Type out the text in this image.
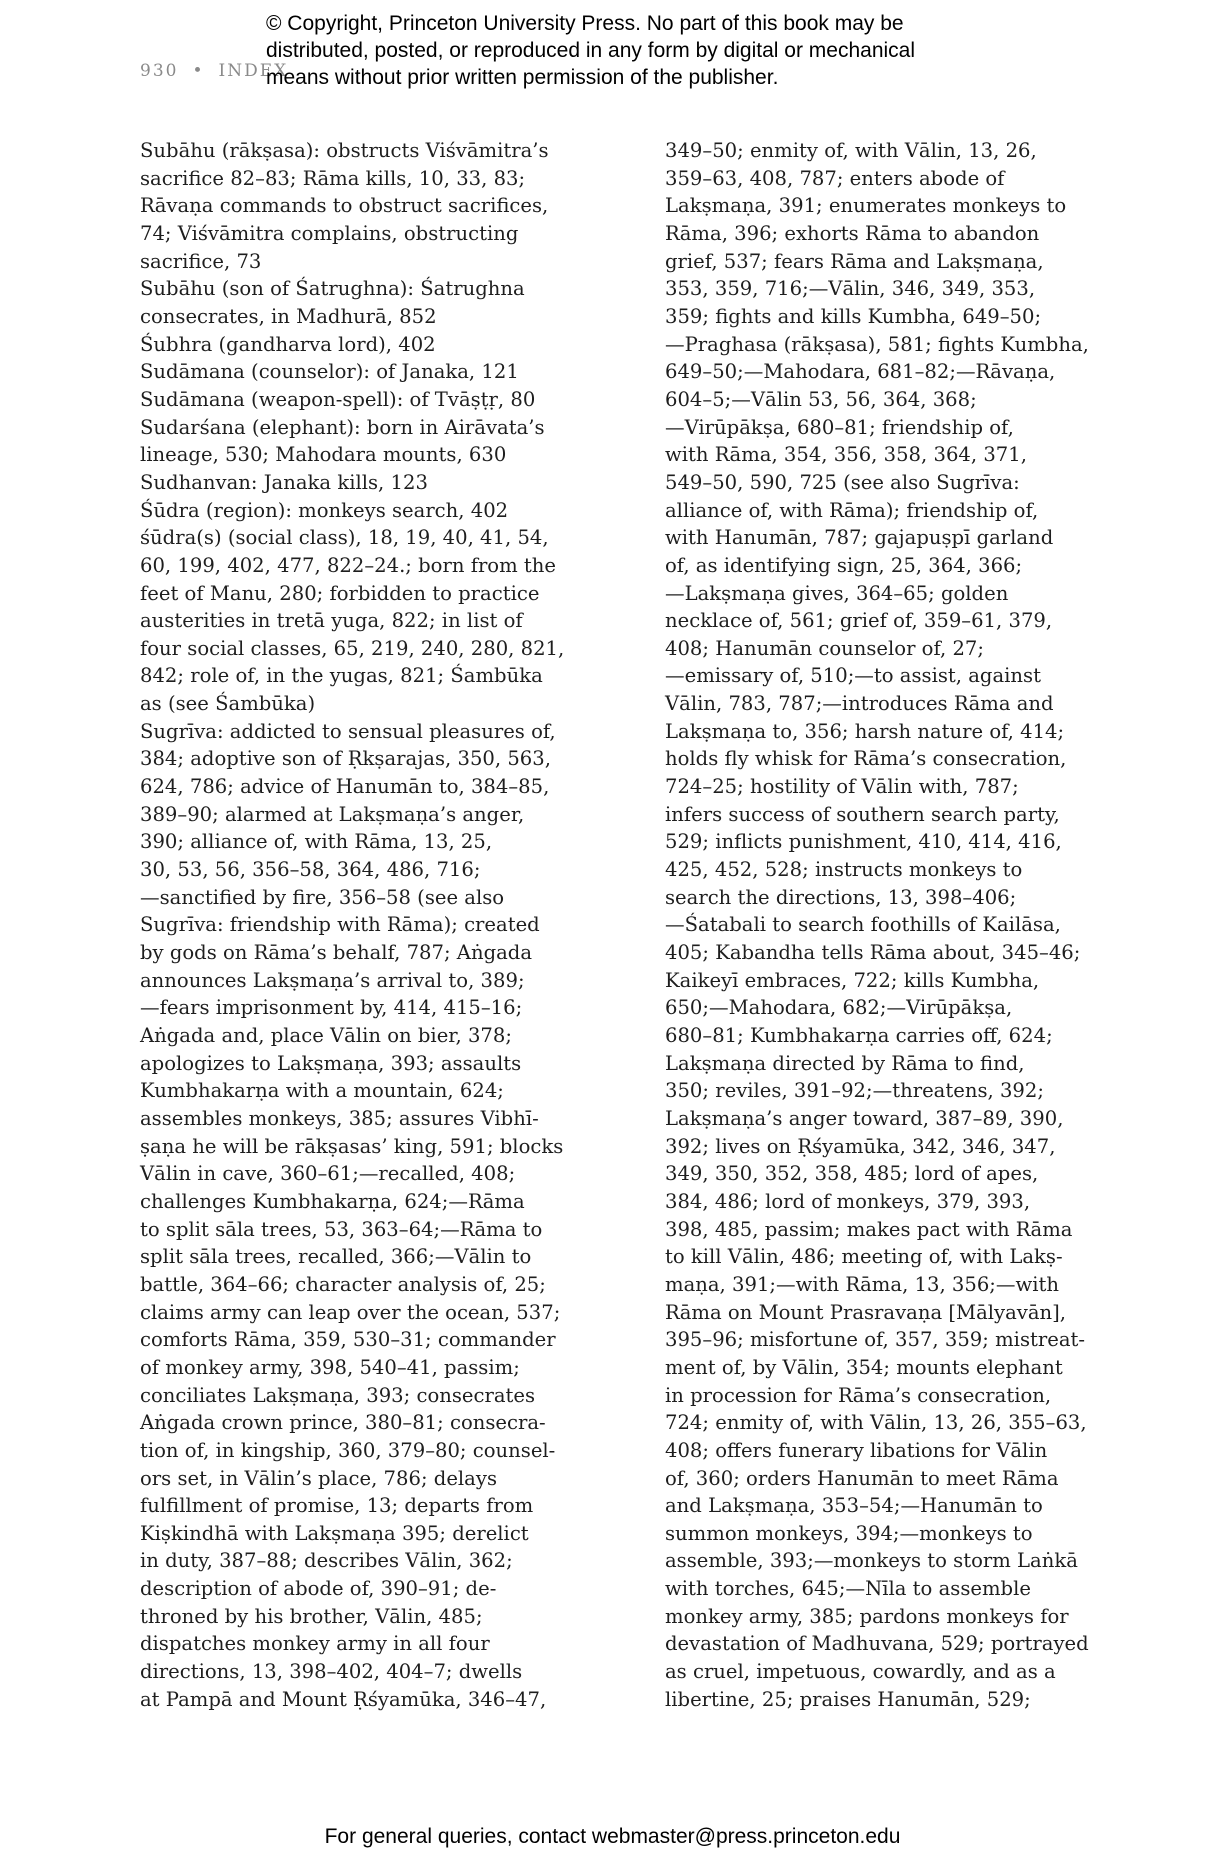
© Copyright, Princeton University Press. No part of this book may be
distributed, posted, or reproduced in any form by digital or mechanical
means without prior written permission of the publisher.
930 • INDEX
Subāhu (rākṣasa): obstructs Viśvāmitra’s
sacrifice 82–83; Rāma kills, 10, 33, 83;
Rāvaṇa commands to obstruct sacrifices,
74; Viśvāmitra complains, obstructing
sacrifice, 73
Subāhu (son of Śatrughna): Śatrughna
consecrates, in Madhurā, 852
Śubhra (gandharva lord), 402
Sudāmana (counselor): of Janaka, 121
Sudāmana (weapon-spell): of Tvāṣṭṛ, 80
Sudarśana (elephant): born in Airāvata’s
lineage, 530; Mahodara mounts, 630
Sudhanvan: Janaka kills, 123
Śūdra (region): monkeys search, 402
śūdra(s) (social class), 18, 19, 40, 41, 54,
60, 199, 402, 477, 822–24.; born from the
feet of Manu, 280; forbidden to practice
austerities in tretā yuga, 822; in list of
four social classes, 65, 219, 240, 280, 821,
842; role of, in the yugas, 821; Śambūka
as (see Śambūka)
Sugrīva: addicted to sensual pleasures of,
384; adoptive son of Ṛkṣarajas, 350, 563,
624, 786; advice of Hanumān to, 384–85,
389–90; alarmed at Lakṣmaṇa’s anger,
390; alliance of, with Rāma, 13, 25,
30, 53, 56, 356–58, 364, 486, 716;
—sanctified by fire, 356–58 (see also
Sugrīva: friendship with Rāma); created
by gods on Rāma’s behalf, 787; Aṅgada
announces Lakṣmaṇa’s arrival to, 389;
—fears imprisonment by, 414, 415–16;
Aṅgada and, place Vālin on bier, 378;
apologizes to Lakṣmaṇa, 393; assaults
Kumbhakarṇa with a mountain, 624;
assembles monkeys, 385; assures Vibhī-
ṣaṇa he will be rākṣasas’ king, 591; blocks
Vālin in cave, 360–61;—recalled, 408;
challenges Kumbhakarṇa, 624;—Rāma
to split sāla trees, 53, 363–64;—Rāma to
split sāla trees, recalled, 366;—Vālin to
battle, 364–66; character analysis of, 25;
claims army can leap over the ocean, 537;
comforts Rāma, 359, 530–31; commander
of monkey army, 398, 540–41, passim;
conciliates Lakṣmaṇa, 393; consecrates
Aṅgada crown prince, 380–81; consecra-
tion of, in kingship, 360, 379–80; counsel-
ors set, in Vālin’s place, 786; delays
fulfillment of promise, 13; departs from
Kiṣkindhā with Lakṣmaṇa 395; derelict
in duty, 387–88; describes Vālin, 362;
description of abode of, 390–91; de-
throned by his brother, Vālin, 485;
dispatches monkey army in all four
directions, 13, 398–402, 404–7; dwells
at Pampā and Mount Ṛśyamūka, 346–47,
349–50; enmity of, with Vālin, 13, 26,
359–63, 408, 787; enters abode of
Lakṣmaṇa, 391; enumerates monkeys to
Rāma, 396; exhorts Rāma to abandon
grief, 537; fears Rāma and Lakṣmaṇa,
353, 359, 716;—Vālin, 346, 349, 353,
359; fights and kills Kumbha, 649–50;
—Praghasa (rākṣasa), 581; fights Kumbha,
649–50;—Mahodara, 681–82;—Rāvaṇa,
604–5;—Vālin 53, 56, 364, 368;
—Virūpākṣa, 680–81; friendship of,
with Rāma, 354, 356, 358, 364, 371,
549–50, 590, 725 (see also Sugrīva:
alliance of, with Rāma); friendship of,
with Hanumān, 787; gajapuṣpī garland
of, as identifying sign, 25, 364, 366;
—Lakṣmaṇa gives, 364–65; golden
necklace of, 561; grief of, 359–61, 379,
408; Hanumān counselor of, 27;
—emissary of, 510;—to assist, against
Vālin, 783, 787;—introduces Rāma and
Lakṣmaṇa to, 356; harsh nature of, 414;
holds fly whisk for Rāma’s consecration,
724–25; hostility of Vālin with, 787;
infers success of southern search party,
529; inflicts punishment, 410, 414, 416,
425, 452, 528; instructs monkeys to
search the directions, 13, 398–406;
—Śatabali to search foothills of Kailāsa,
405; Kabandha tells Rāma about, 345–46;
Kaikeyī embraces, 722; kills Kumbha,
650;—Mahodara, 682;—Virūpākṣa,
680–81; Kumbhakarṇa carries off, 624;
Lakṣmaṇa directed by Rāma to find,
350; reviles, 391–92;—threatens, 392;
Lakṣmaṇa’s anger toward, 387–89, 390,
392; lives on Ṛśyamūka, 342, 346, 347,
349, 350, 352, 358, 485; lord of apes,
384, 486; lord of monkeys, 379, 393,
398, 485, passim; makes pact with Rāma
to kill Vālin, 486; meeting of, with Lakṣ-
maṇa, 391;—with Rāma, 13, 356;—with
Rāma on Mount Prasravaṇa [Mālyavān],
395–96; misfortune of, 357, 359; mistreat-
ment of, by Vālin, 354; mounts elephant
in procession for Rāma’s consecration,
724; enmity of, with Vālin, 13, 26, 355–63,
408; offers funerary libations for Vālin
of, 360; orders Hanumān to meet Rāma
and Lakṣmaṇa, 353–54;—Hanumān to
summon monkeys, 394;—monkeys to
assemble, 393;—monkeys to storm Laṅkā
with torches, 645;—Nīla to assemble
monkey army, 385; pardons monkeys for
devastation of Madhuvana, 529; portrayed
as cruel, impetuous, cowardly, and as a
libertine, 25; praises Hanumān, 529;
For general queries, contact webmaster@press.princeton.edu
